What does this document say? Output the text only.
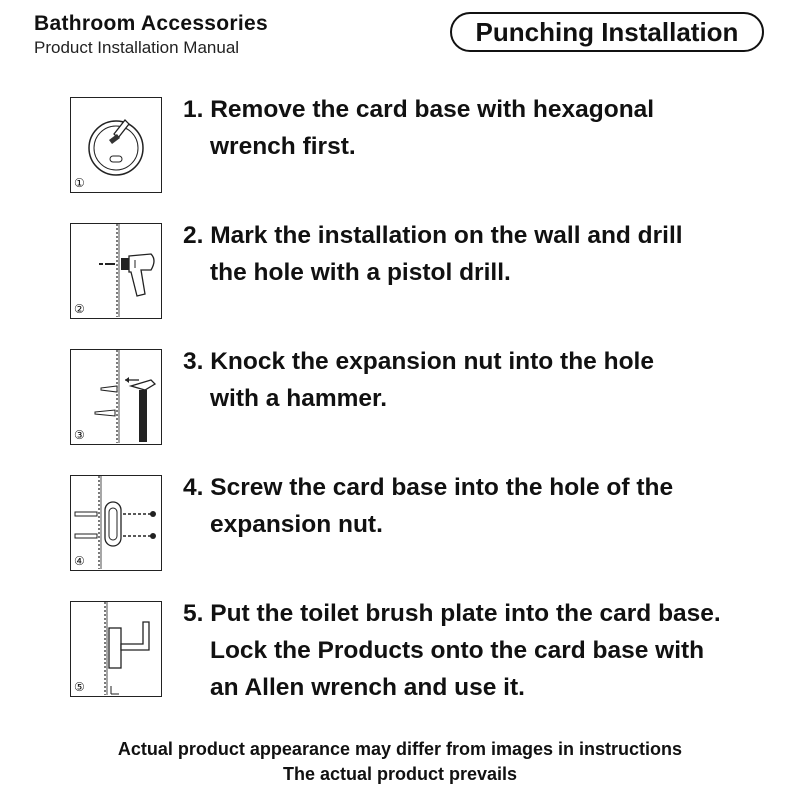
Bathroom Accessories
Product Installation Manual
Punching Installation
①
1. Remove the card base with hexagonal
wrench first.
②
2. Mark the installation on the wall and drill
the hole with a pistol drill.
③
3. Knock the expansion nut into the hole
with a hammer.
④
4. Screw the card base into the hole of the
expansion nut.
⑤
5. Put the toilet brush plate into the card base.
Lock the Products onto the card base with
an Allen wrench and use it.
Actual product appearance may differ from images in instructions
The actual product prevails
